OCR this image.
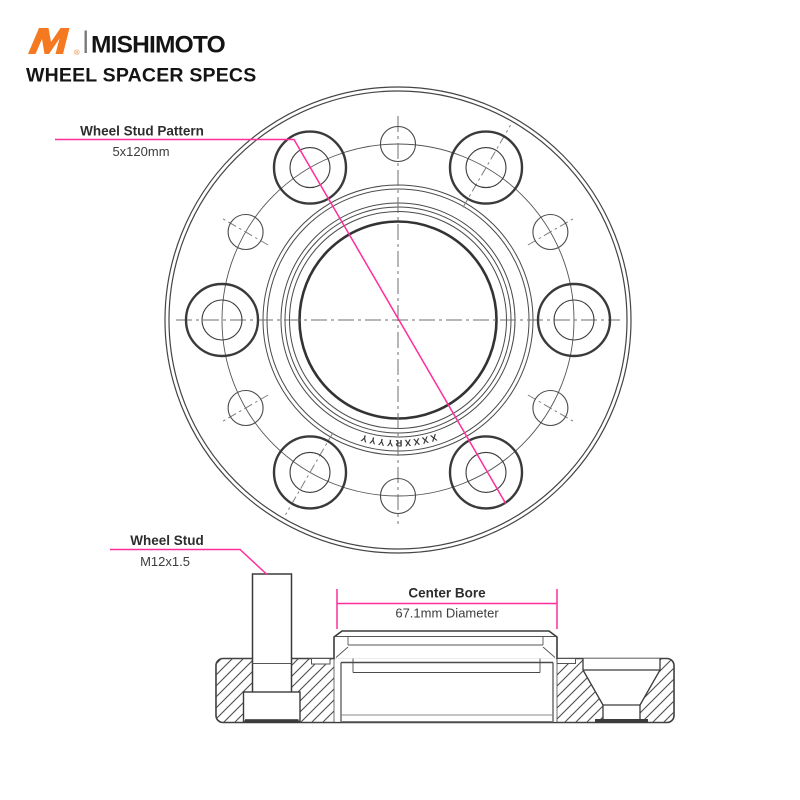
® MISHIMOTO
WHEEL SPACER SPECS
XXXXRYYYY
Wheel Stud Pattern
5x120mm
Wheel Stud
M12x1.5
Center Bore
67.1mm Diameter
